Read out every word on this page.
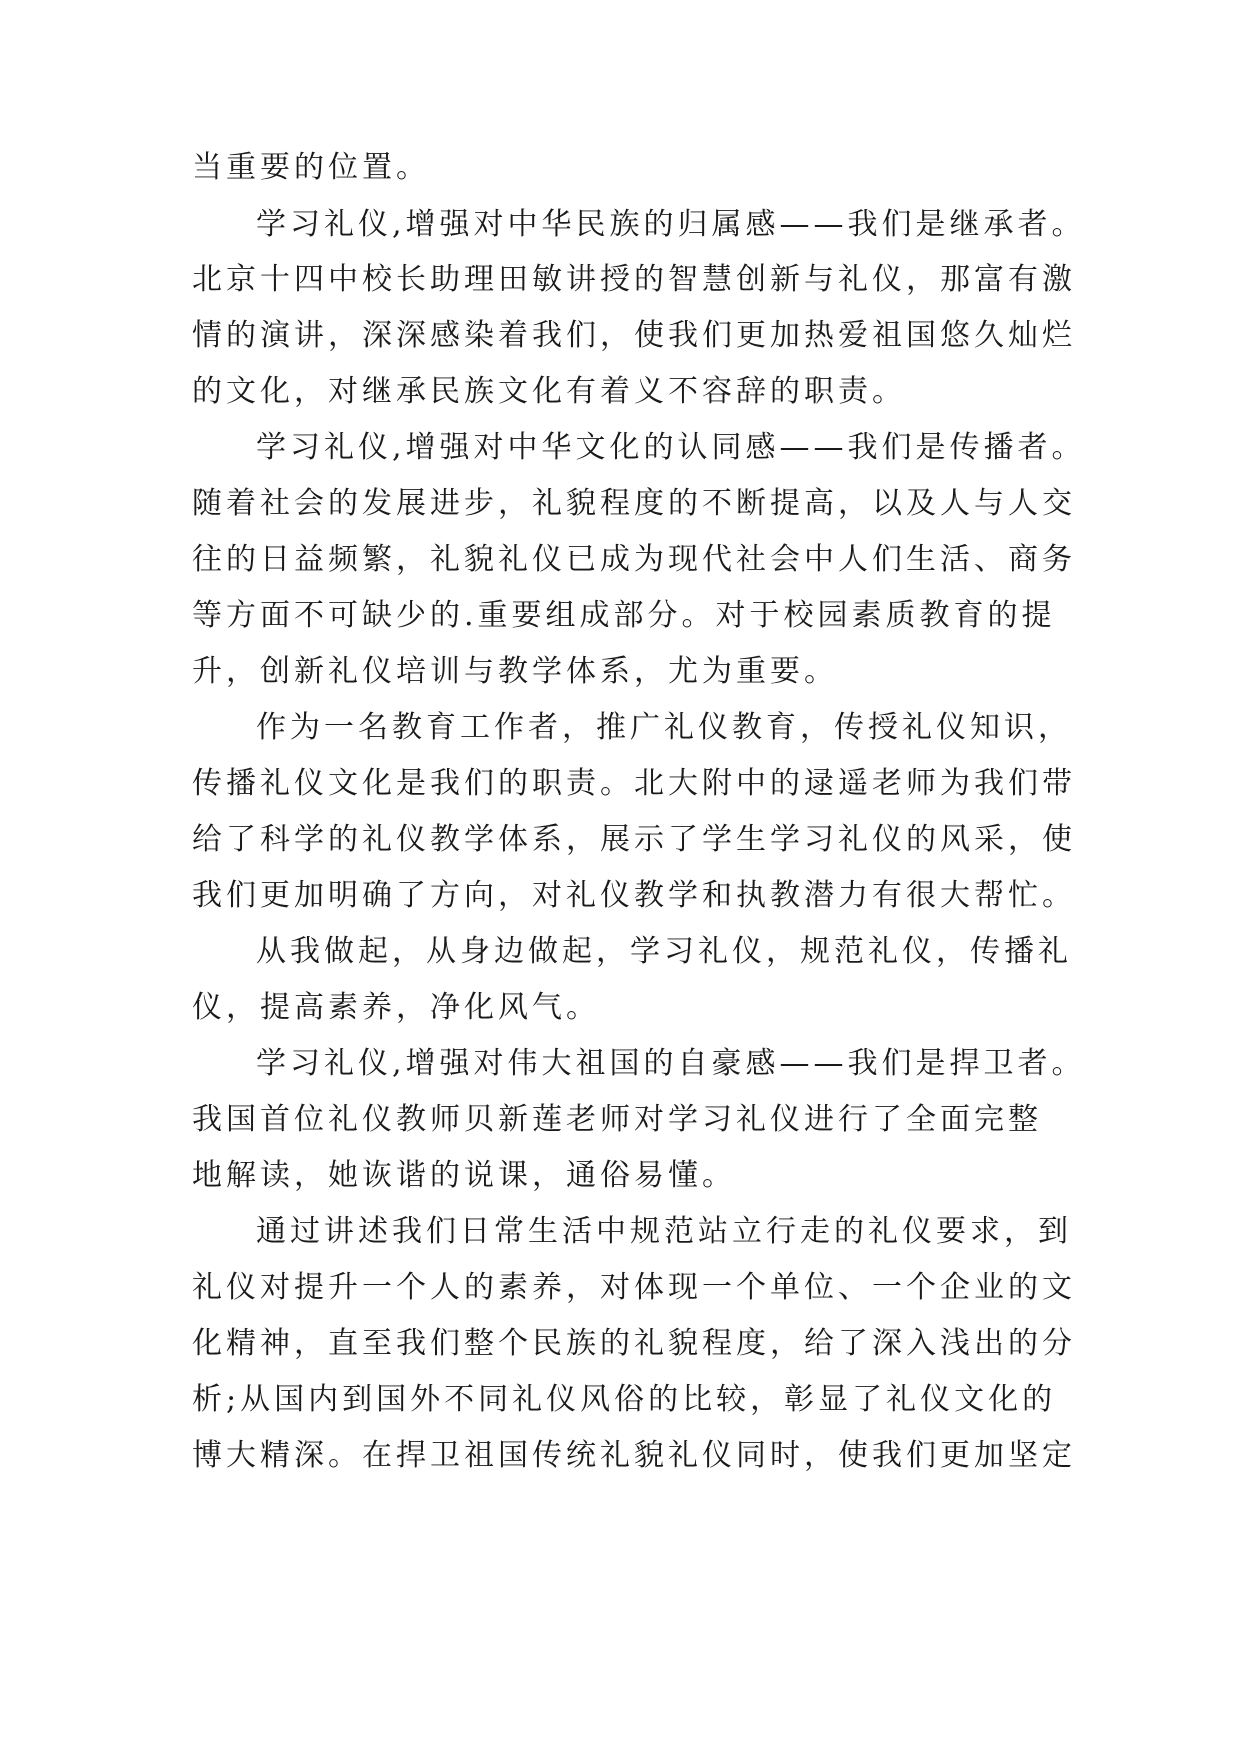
当重要的位置。
学习礼仪,增强对中华民族的归属感——我们是继承者。
北京十四中校长助理田敏讲授的智慧创新与礼仪，那富有激
情的演讲，深深感染着我们，使我们更加热爱祖国悠久灿烂
的文化，对继承民族文化有着义不容辞的职责。
学习礼仪,增强对中华文化的认同感——我们是传播者。
随着社会的发展进步，礼貌程度的不断提高，以及人与人交
往的日益频繁，礼貌礼仪已成为现代社会中人们生活、商务
等方面不可缺少的.重要组成部分。对于校园素质教育的提
升，创新礼仪培训与教学体系，尤为重要。
作为一名教育工作者，推广礼仪教育，传授礼仪知识，
传播礼仪文化是我们的职责。北大附中的逯遥老师为我们带
给了科学的礼仪教学体系，展示了学生学习礼仪的风采，使
我们更加明确了方向，对礼仪教学和执教潜力有很大帮忙。
从我做起，从身边做起，学习礼仪，规范礼仪，传播礼
仪，提高素养，净化风气。
学习礼仪,增强对伟大祖国的自豪感——我们是捍卫者。
我国首位礼仪教师贝新莲老师对学习礼仪进行了全面完整
地解读，她诙谐的说课，通俗易懂。
通过讲述我们日常生活中规范站立行走的礼仪要求，到
礼仪对提升一个人的素养，对体现一个单位、一个企业的文
化精神，直至我们整个民族的礼貌程度，给了深入浅出的分
析;从国内到国外不同礼仪风俗的比较，彰显了礼仪文化的
博大精深。在捍卫祖国传统礼貌礼仪同时，使我们更加坚定
